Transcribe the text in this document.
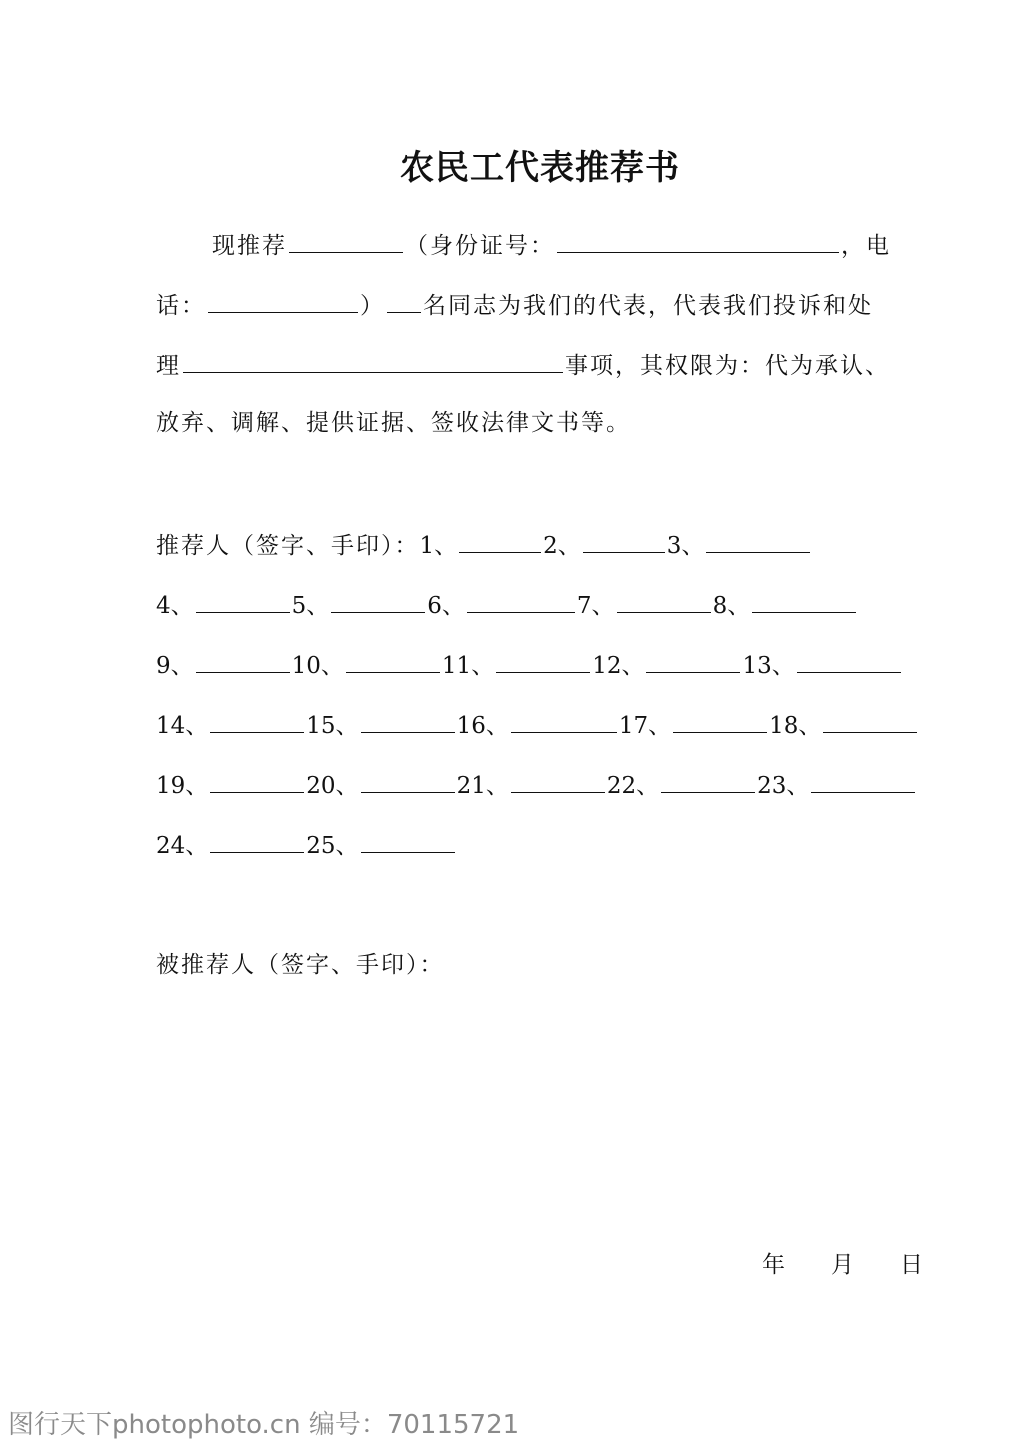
农民工代表推荐书
现推荐	（身份证号：	，电
话：	） 名同志为我们的代表，代表我们投诉和处
理	事项，其权限为：代为承认、
放弃、调解、提供证据、签收法律文书等。
推荐人（签字、手印）：1、	2、	3、
4、	5、	6、	7、	8、
9、	10、	11、	12、	13、
14、	15、	16、	17、	18、
19、	20、	21、	22、	23、
24、	25、
被推荐人（签字、手印）：
年 月 日
图行天下photophoto.cn 编号：70115721
